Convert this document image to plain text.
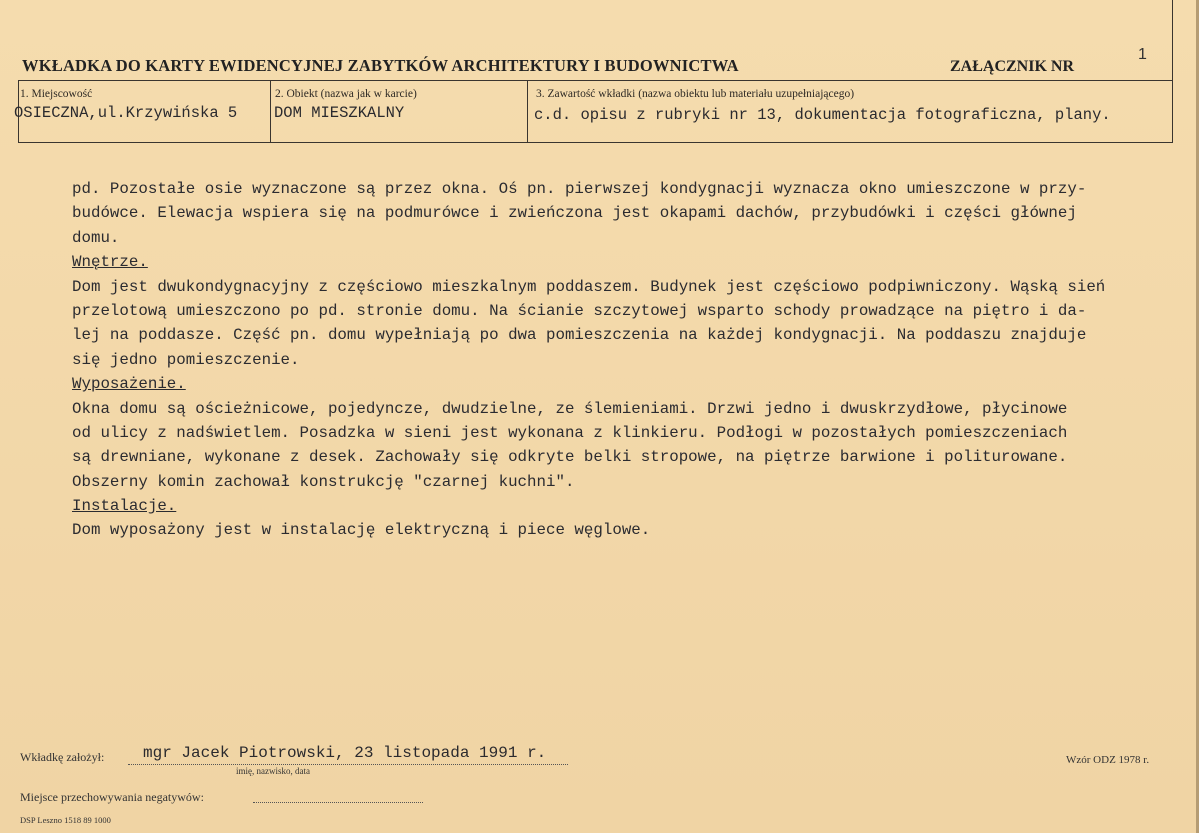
WKŁADKA DO KARTY EWIDENCYJNEJ ZABYTKÓW ARCHITEKTURY I BUDOWNICTWA	ZAŁĄCZNIK NR
1
1. Miejscowość
OSIECZNA,ul.Krzywińska 5
2. Obiekt (nazwa jak w karcie)
DOM MIESZKALNY
3. Zawartość wkładki (nazwa obiektu lub materiału uzupełniającego)
c.d. opisu z rubryki nr 13, dokumentacja fotograficzna, plany.
pd. Pozostałe osie wyznaczone są przez okna. Oś pn. pierwszej kondygnacji wyznacza okno umieszczone w przy-
budówce. Elewacja wspiera się na podmurówce i zwieńczona jest okapami dachów, przybudówki i części głównej
domu.
Wnętrze.
Dom jest dwukondygnacyjny z częściowo mieszkalnym poddaszem. Budynek jest częściowo podpiwniczony. Wąską sień
przelotową umieszczono po pd. stronie domu. Na ścianie szczytowej wsparto schody prowadzące na piętro i da-
lej na poddasze. Część pn. domu wypełniają po dwa pomieszczenia na każdej kondygnacji. Na poddaszu znajduje
się jedno pomieszczenie.
Wyposażenie.
Okna domu są ościeżnicowe, pojedyncze, dwudzielne, ze ślemieniami. Drzwi jedno i dwuskrzydłowe, płycinowe
od ulicy z nadświetlem. Posadzka w sieni jest wykonana z klinkieru. Podłogi w pozostałych pomieszczeniach
są drewniane, wykonane z desek. Zachowały się odkryte belki stropowe, na piętrze barwione i politurowane.
Obszerny komin zachował konstrukcję "czarnej kuchni".
Instalacje.
Dom wyposażony jest w instalację elektryczną i piece węglowe.
Wkładkę założył: mgr Jacek Piotrowski, 23 listopada 1991 r.
imię, nazwisko, data
Wzór ODZ 1978 r.
Miejsce przechowywania negatywów:
DSP Leszno 1518 89 1000
